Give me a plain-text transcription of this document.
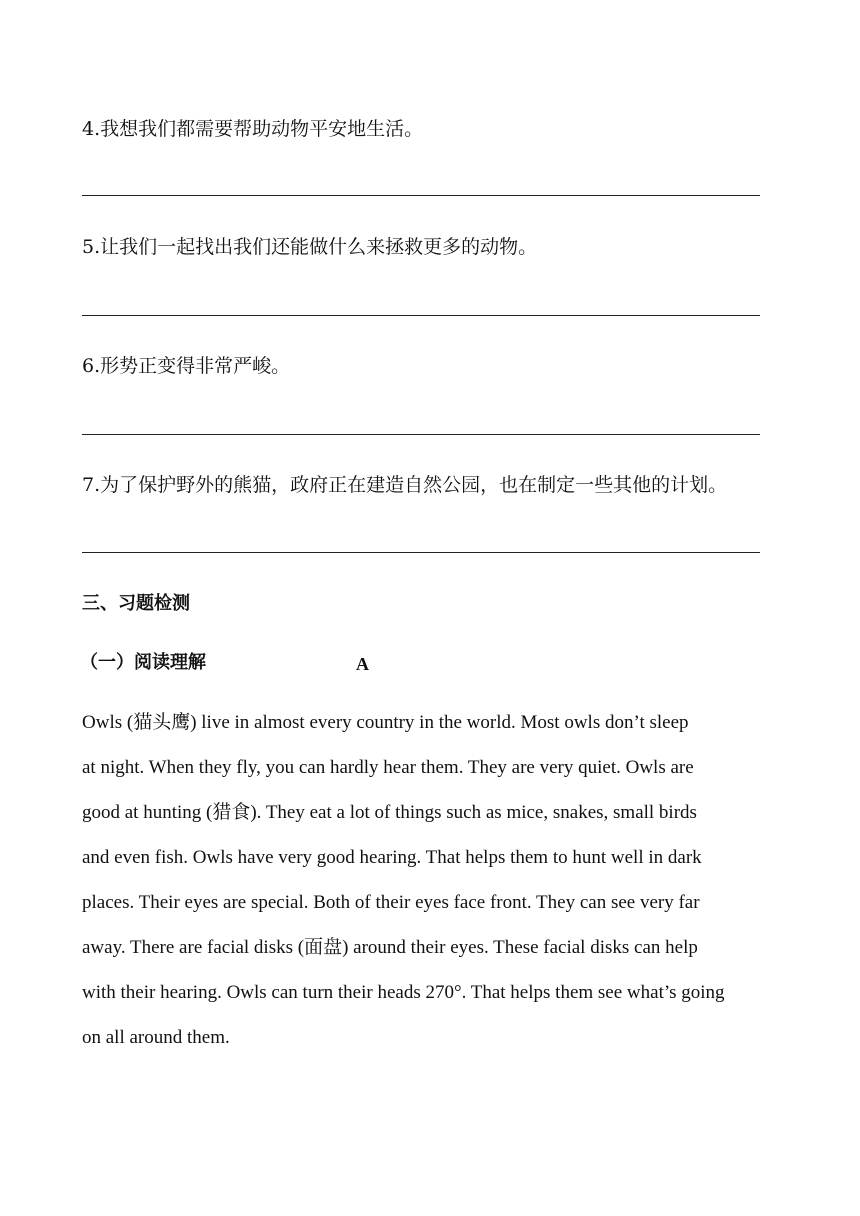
4.我想我们都需要帮助动物平安地生活。
5.让我们一起找出我们还能做什么来拯救更多的动物。
6.形势正变得非常严峻。
7.为了保护野外的熊猫，政府正在建造自然公园，也在制定一些其他的计划。
三、习题检测
（一）阅读理解	A
Owls (猫头鹰) live in almost every country in the world. Most owls don’t sleep
at night. When they fly, you can hardly hear them. They are very quiet. Owls are
good at hunting (猎食). They eat a lot of things such as mice, snakes, small birds
and even fish. Owls have very good hearing. That helps them to hunt well in dark
places. Their eyes are special. Both of their eyes face front. They can see very far
away. There are facial disks (面盘) around their eyes. These facial disks can help
with their hearing. Owls can turn their heads 270°. That helps them see what’s going
on all around them.
